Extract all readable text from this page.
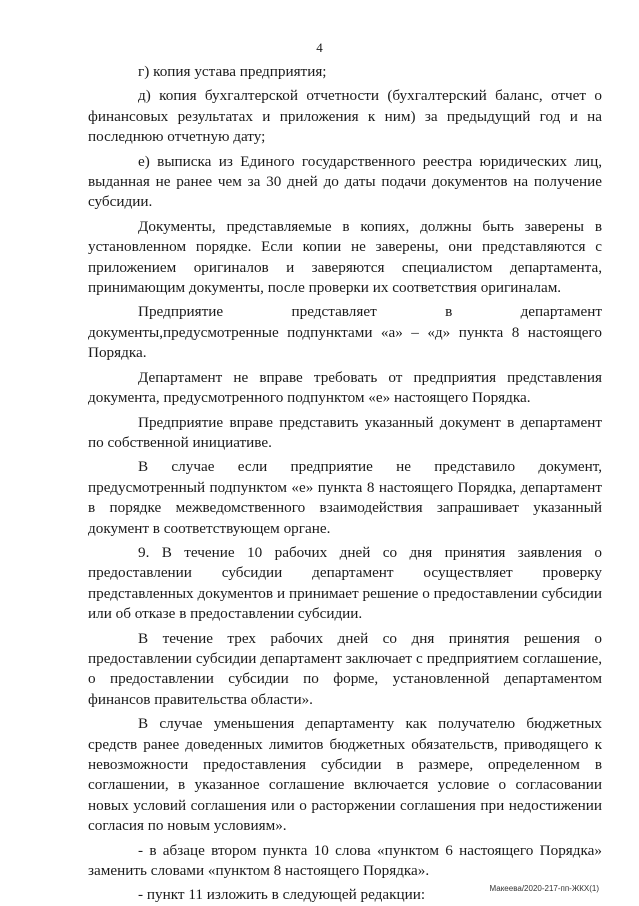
4

г) копия устава предприятия;

д) копия бухгалтерской отчетности (бухгалтерский баланс, отчет о финансовых результатах и приложения к ним) за предыдущий год и на последнюю отчетную дату;

е) выписка из Единого государственного реестра юридических лиц, выданная не ранее чем за 30 дней до даты подачи документов на получение субсидии.

Документы, представляемые в копиях, должны быть заверены в установленном порядке. Если копии не заверены, они представляются с приложением оригиналов и заверяются специалистом департамента, принимающим документы, после проверки их соответствия оригиналам.

Предприятие представляет в департамент документы,предусмотренные подпунктами «а» – «д» пункта 8 настоящего Порядка.

Департамент не вправе требовать от предприятия представления документа, предусмотренного подпунктом «е» настоящего Порядка.

Предприятие вправе представить указанный документ в департамент по собственной инициативе.

В случае если предприятие не представило документ, предусмотренный подпунктом «е» пункта 8 настоящего Порядка, департамент в порядке межведомственного взаимодействия запрашивает указанный документ в соответствующем органе.

9. В течение 10 рабочих дней со дня принятия заявления о предоставлении субсидии департамент осуществляет проверку представленных документов и принимает решение о предоставлении субсидии или об отказе в предоставлении субсидии.

В течение трех рабочих дней со дня принятия решения о предоставлении субсидии департамент заключает с предприятием соглашение, о предоставлении субсидии по форме, установленной департаментом финансов правительства области».

В случае уменьшения департаменту как получателю бюджетных средств ранее доведенных лимитов бюджетных обязательств, приводящего к невозможности предоставления субсидии в размере, определенном в соглашении, в указанное соглашение включается условие о согласовании новых условий соглашения или о расторжении соглашения при недостижении согласия по новым условиям».

- в абзаце втором пункта 10 слова «пунктом 6 настоящего Порядка» заменить словами «пунктом 8 настоящего Порядка».

- пункт 11 изложить в следующей редакции:	Макеева/2020-217-пп-ЖКХ(1)
